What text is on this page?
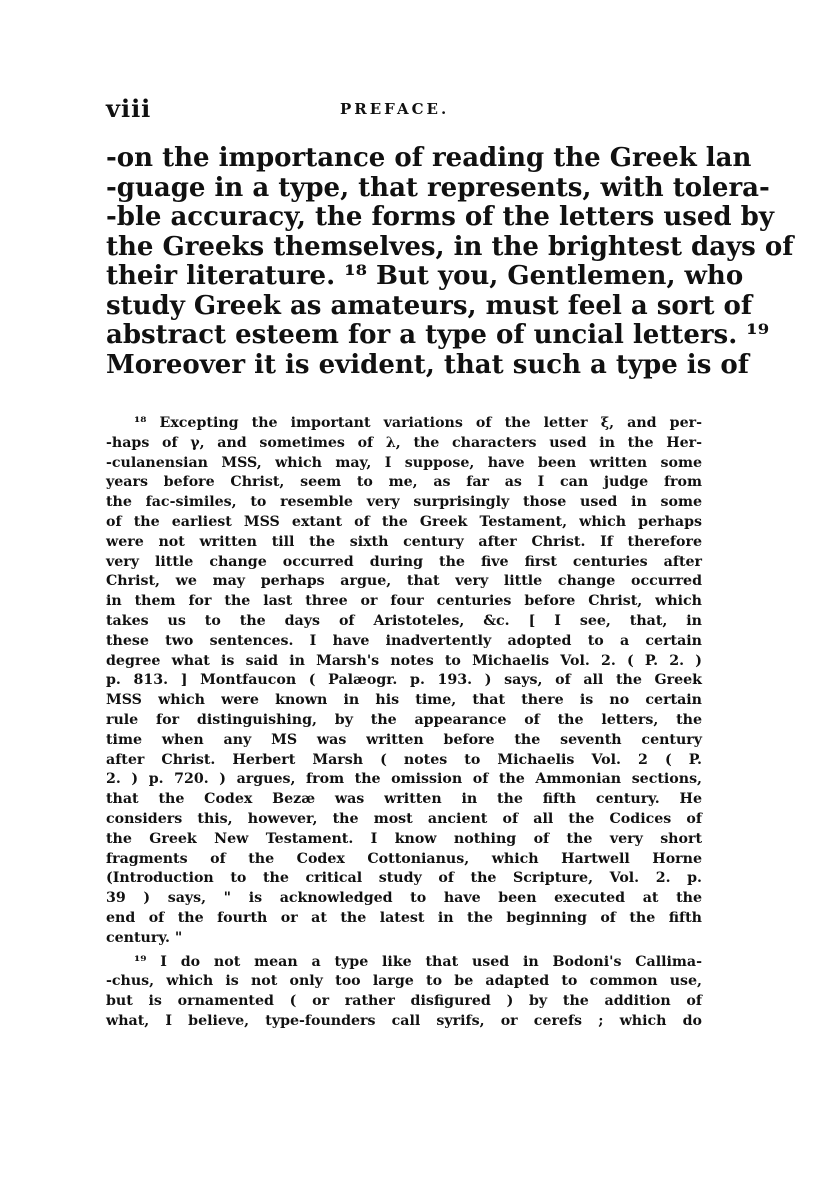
viii	PREFACE.
-on the importance of reading the Greek lan
-guage in a type, that represents, with tolera-
-ble accuracy, the forms of the letters used by
the Greeks themselves, in the brightest days of
their literature. ¹⁸ But you, Gentlemen, who
study Greek as amateurs, must feel a sort of
abstract esteem for a type of uncial letters. ¹⁹
Moreover it is evident, that such a type is of
¹⁸ Excepting the important variations of the letter ξ, and per-
-haps of γ, and sometimes of λ, the characters used in the Her-
-culanensian MSS, which may, I suppose, have been written some
years before Christ, seem to me, as far as I can judge from
the fac-similes, to resemble very surprisingly those used in some
of the earliest MSS extant of the Greek Testament, which perhaps
were not written till the sixth century after Christ. If therefore
very little change occurred during the five first centuries after
Christ, we may perhaps argue, that very little change occurred
in them for the last three or four centuries before Christ, which
takes us to the days of Aristoteles, &c. [ I see, that, in
these two sentences. I have inadvertently adopted to a certain
degree what is said in Marsh's notes to Michaelis Vol. 2. ( P. 2. )
p. 813. ] Montfaucon ( Palæogr. p. 193. ) says, of all the Greek
MSS which were known in his time, that there is no certain
rule for distinguishing, by the appearance of the letters, the
time when any MS was written before the seventh century
after Christ. Herbert Marsh ( notes to Michaelis Vol. 2 ( P.
2. ) p. 720. ) argues, from the omission of the Ammonian sections,
that the Codex Bezæ was written in the fifth century. He
considers this, however, the most ancient of all the Codices of
the Greek New Testament. I know nothing of the very short
fragments of the Codex Cottonianus, which Hartwell Horne
(Introduction to the critical study of the Scripture, Vol. 2. p.
39 ) says, " is acknowledged to have been executed at the
end of the fourth or at the latest in the beginning of the fifth
century. "
¹⁹ I do not mean a type like that used in Bodoni's Callima-
-chus, which is not only too large to be adapted to common use,
but is ornamented ( or rather disfigured ) by the addition of
what, I believe, type-founders call syrifs, or cerefs ; which do
